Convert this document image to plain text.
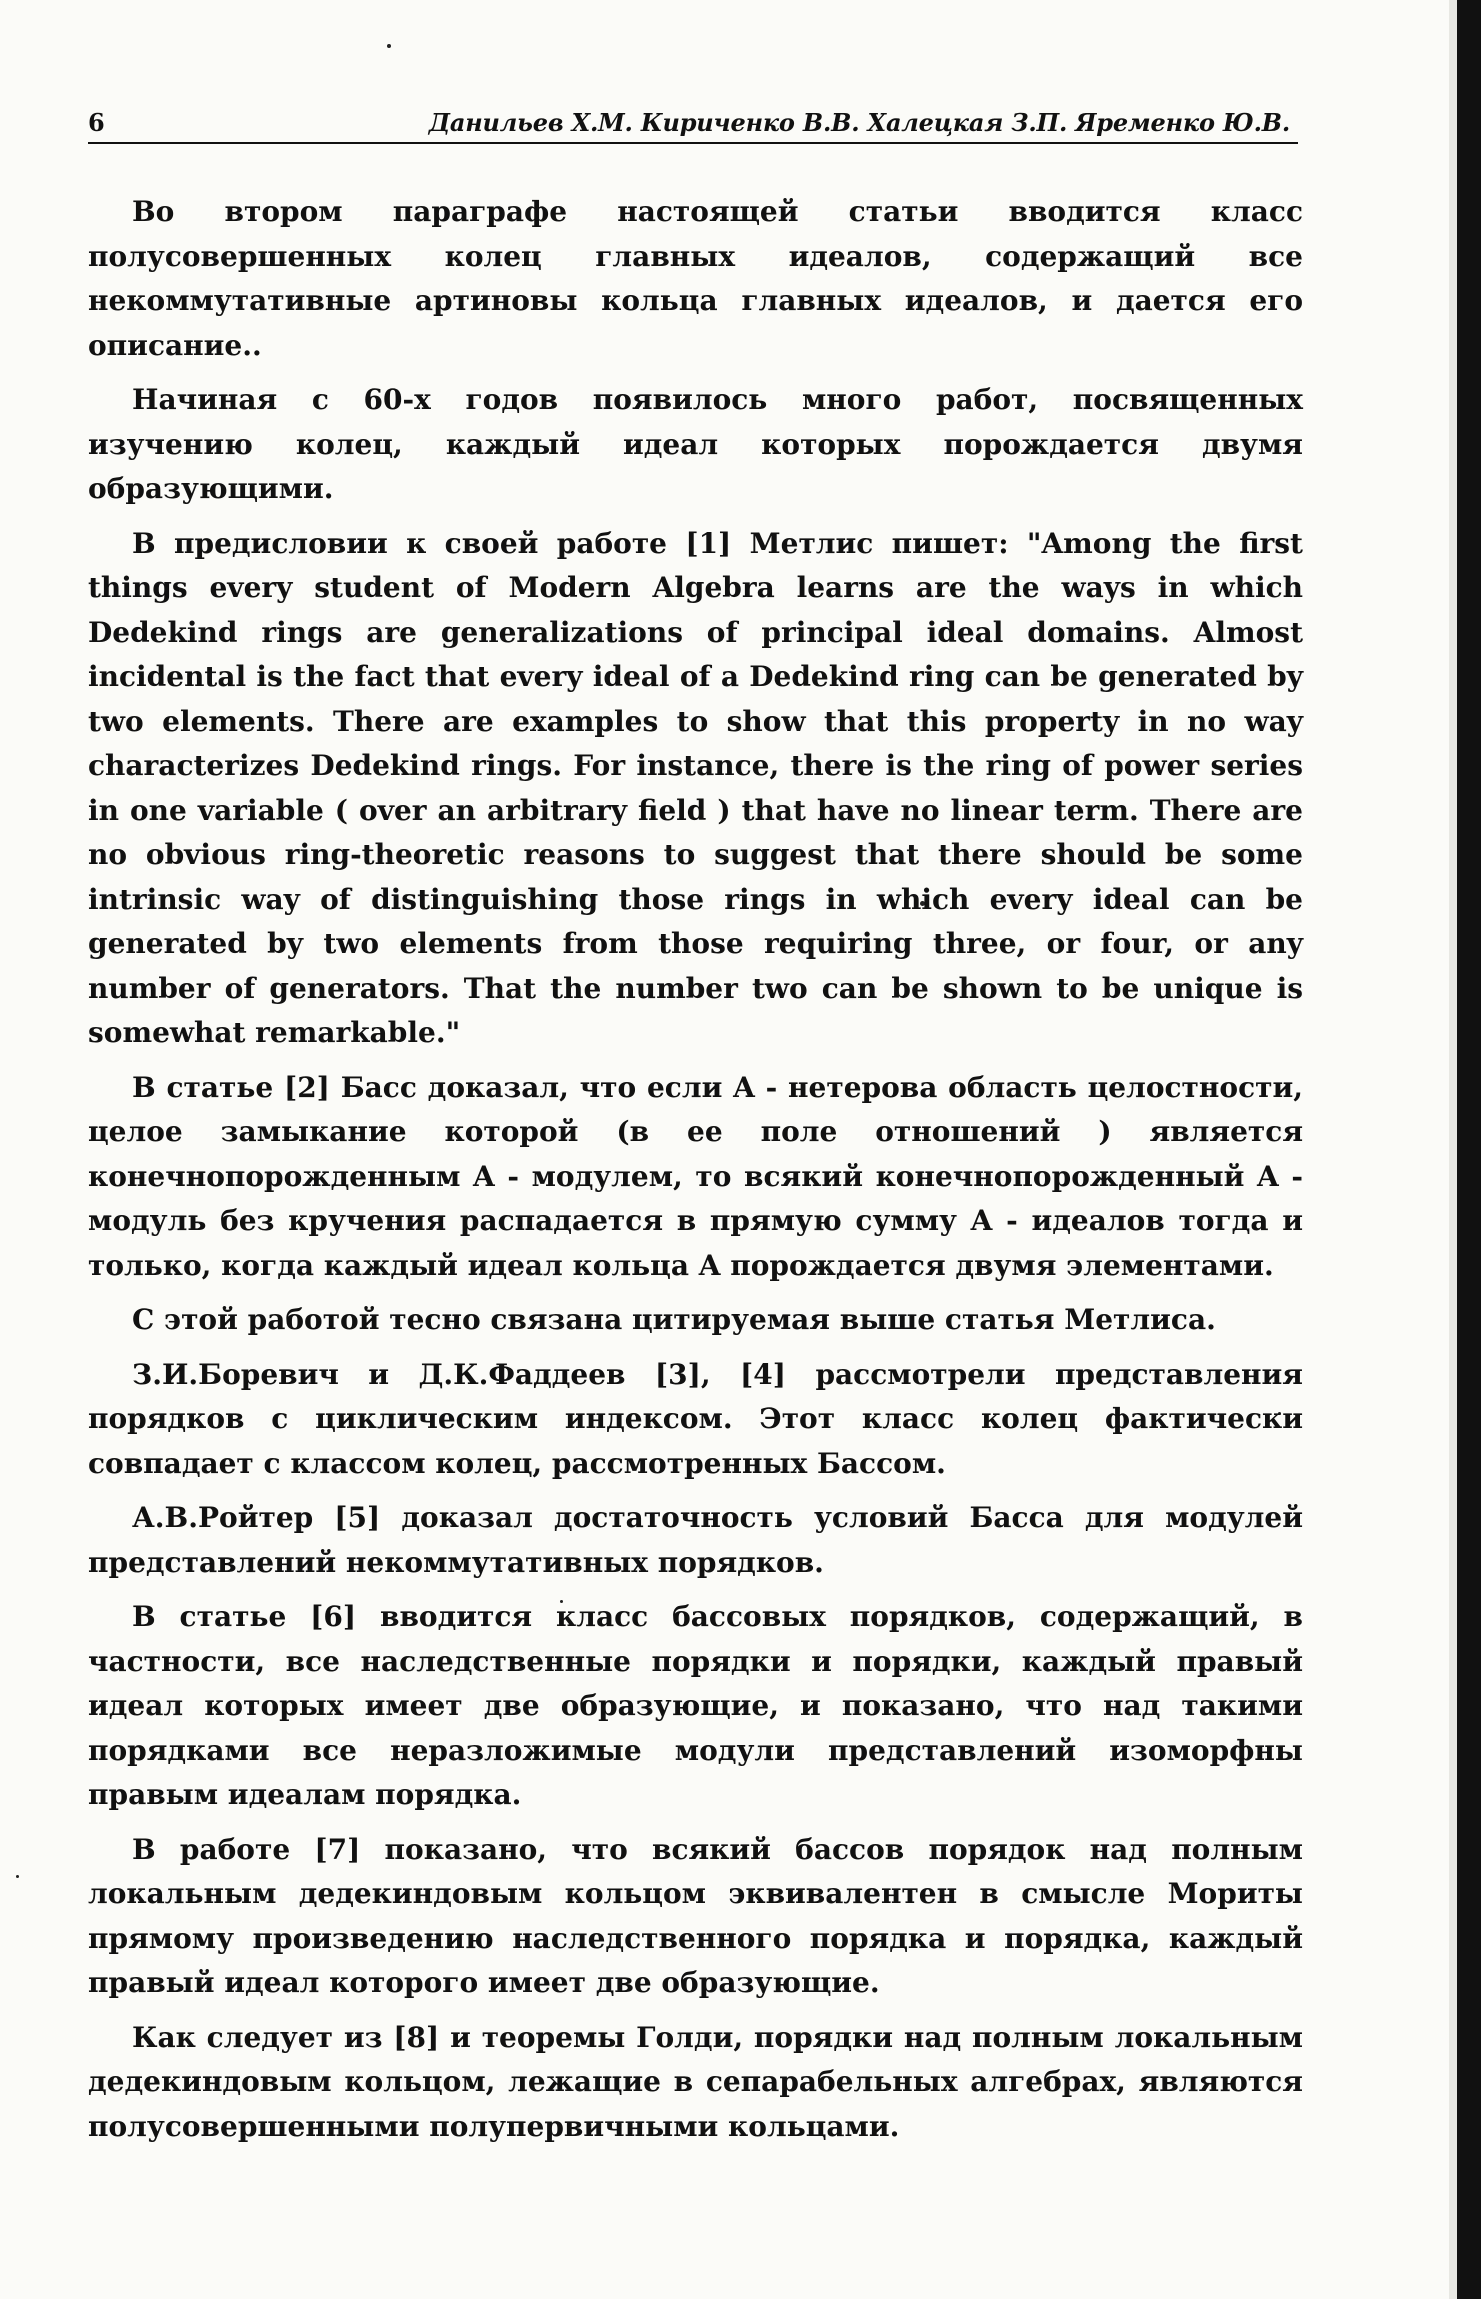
6	Данильев Х.М. Кириченко В.В. Халецкая З.П. Яременко Ю.В.

Во втором параграфе настоящей статьи вводится класс полусовершенных колец главных идеалов, содержащий все некоммутативные артиновы кольца главных идеалов, и дается его описание..

Начиная с 60-х годов появилось много работ, посвященных изучению колец, каждый идеал которых порождается двумя образующими.

В предисловии к своей работе [1] Метлис пишет: "Among the first things every student of Modern Algebra learns are the ways in which Dedekind rings are generalizations of principal ideal domains. Almost incidental is the fact that every ideal of a Dedekind ring can be generated by two elements. There are examples to show that this property in no way characterizes Dedekind rings. For instance, there is the ring of power series in one variable ( over an arbitrary field ) that have no linear term. There are no obvious ring-theoretic reasons to suggest that there should be some intrinsic way of distinguishing those rings in which every ideal can be generated by two elements from those requiring three, or four, or any number of generators. That the number two can be shown to be unique is somewhat remarkable."

В статье [2] Басс доказал, что если A - нетерова область целостности, целое замыкание которой (в ее поле отношений ) является конечнопорожденным A - модулем, то всякий конечнопорожденный A - модуль без кручения распадается в прямую сумму A - идеалов тогда и только, когда каждый идеал кольца A порождается двумя элементами.

С этой работой тесно связана цитируемая выше статья Метлиса.

З.И.Боревич и Д.К.Фаддеев [3], [4] рассмотрели представления порядков с циклическим индексом. Этот класс колец фактически совпадает с классом колец, рассмотренных Бассом.

А.В.Ройтер [5] доказал достаточность условий Басса для модулей представлений некоммутативных порядков.

В статье [6] вводится класс бассовых порядков, содержащий, в частности, все наследственные порядки и порядки, каждый правый идеал которых имеет две образующие, и показано, что над такими порядками все неразложимые модули представлений изоморфны правым идеалам порядка.

В работе [7] показано, что всякий бассов порядок над полным локальным дедекиндовым кольцом эквивалентен в смысле Мориты прямому произведению наследственного порядка и порядка, каждый правый идеал которого имеет две образующие.

Как следует из [8] и теоремы Голди, порядки над полным локальным дедекиндовым кольцом, лежащие в сепарабельных алгебрах, являются полусовершенными полупервичными кольцами.
